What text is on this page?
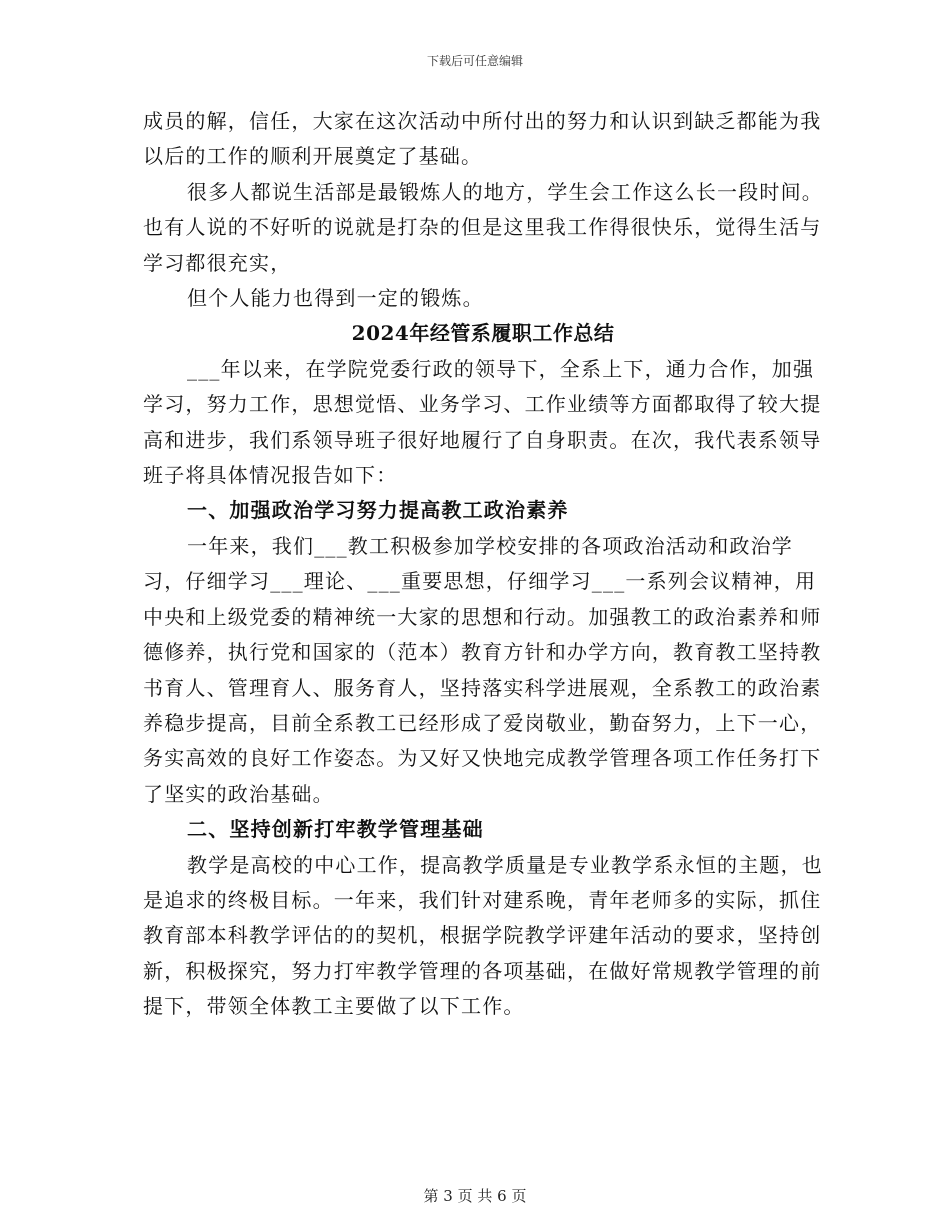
下载后可任意编辑

成员的解，信任，大家在这次活动中所付出的努力和认识到缺乏都能为我以后的工作的顺利开展奠定了基础。

很多人都说生活部是最锻炼人的地方，学生会工作这么长一段时间。也有人说的不好听的说就是打杂的但是这里我工作得很快乐，觉得生活与学习都很充实，

但个人能力也得到一定的锻炼。

2024年经管系履职工作总结

___年以来，在学院党委行政的领导下，全系上下，通力合作，加强学习，努力工作，思想觉悟、业务学习、工作业绩等方面都取得了较大提高和进步，我们系领导班子很好地履行了自身职责。在次，我代表系领导班子将具体情况报告如下：

一、加强政治学习努力提高教工政治素养

一年来，我们___教工积极参加学校安排的各项政治活动和政治学习，仔细学习___理论、___重要思想，仔细学习___一系列会议精神，用中央和上级党委的精神统一大家的思想和行动。加强教工的政治素养和师德修养，执行党和国家的（范本）教育方针和办学方向，教育教工坚持教书育人、管理育人、服务育人，坚持落实科学进展观，全系教工的政治素养稳步提高，目前全系教工已经形成了爱岗敬业，勤奋努力，上下一心，务实高效的良好工作姿态。为又好又快地完成教学管理各项工作任务打下了坚实的政治基础。

二、坚持创新打牢教学管理基础

教学是高校的中心工作，提高教学质量是专业教学系永恒的主题，也是追求的终极目标。一年来，我们针对建系晚，青年老师多的实际，抓住教育部本科教学评估的的契机，根据学院教学评建年活动的要求，坚持创新，积极探究，努力打牢教学管理的各项基础，在做好常规教学管理的前提下，带领全体教工主要做了以下工作。

第 3 页 共 6 页
